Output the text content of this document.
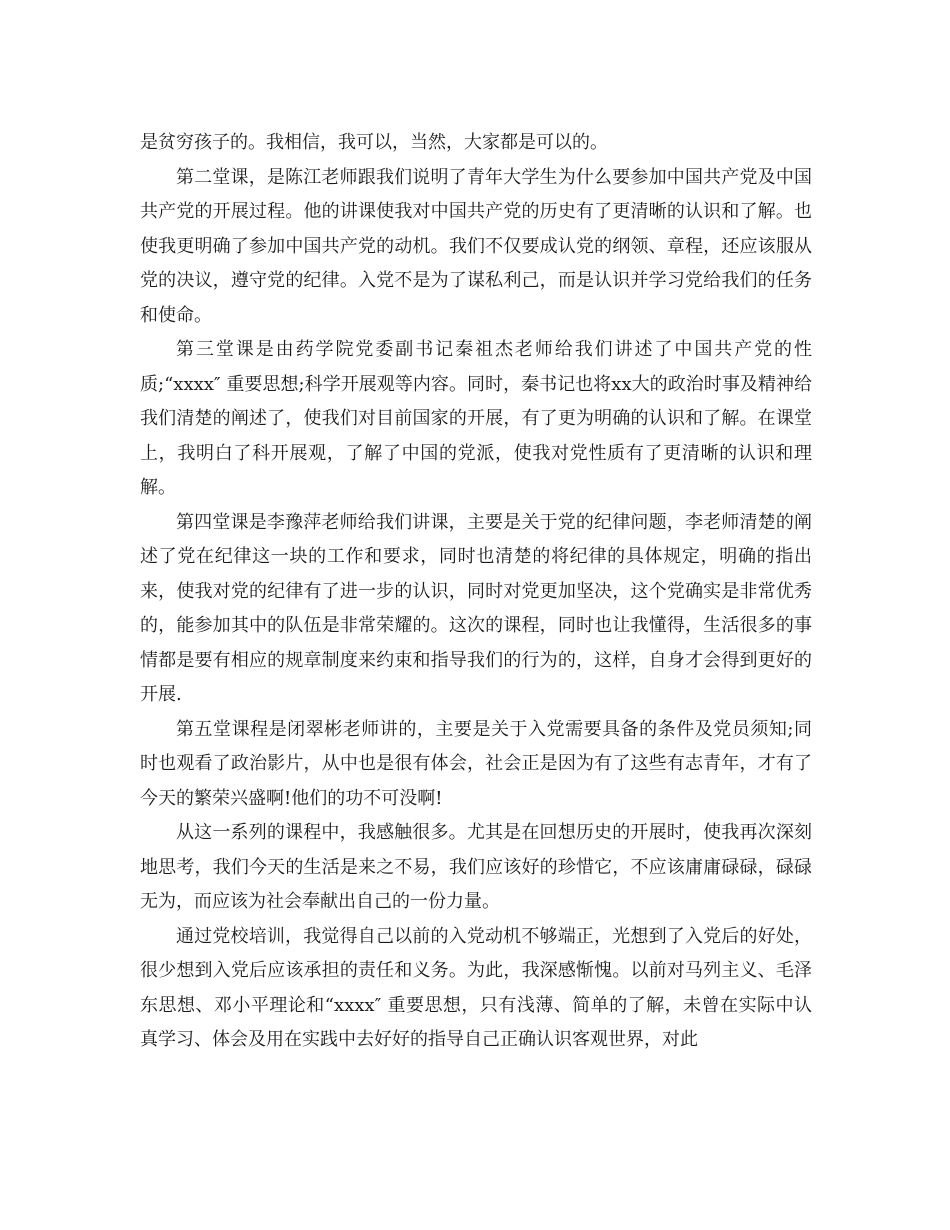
是贫穷孩子的。我相信，我可以，当然，大家都是可以的。

第二堂课，是陈江老师跟我们说明了青年大学生为什么要参加中国共产党及中国共产党的开展过程。他的讲课使我对中国共产党的历史有了更清晰的认识和了解。也使我更明确了参加中国共产党的动机。我们不仅要成认党的纲领、章程，还应该服从党的决议，遵守党的纪律。入党不是为了谋私利己，而是认识并学习党给我们的任务和使命。

第三堂课是由药学院党委副书记秦祖杰老师给我们讲述了中国共产党的性质;“xxxx″ 重要思想;科学开展观等内容。同时，秦书记也将xx大的政治时事及精神给我们清楚的阐述了，使我们对目前国家的开展，有了更为明确的认识和了解。在课堂上，我明白了科开展观，了解了中国的党派，使我对党性质有了更清晰的认识和理解。

第四堂课是李豫萍老师给我们讲课，主要是关于党的纪律问题，李老师清楚的阐述了党在纪律这一块的工作和要求，同时也清楚的将纪律的具体规定，明确的指出来，使我对党的纪律有了进一步的认识，同时对党更加坚决，这个党确实是非常优秀的，能参加其中的队伍是非常荣耀的。这次的课程，同时也让我懂得，生活很多的事情都是要有相应的规章制度来约束和指导我们的行为的，这样，自身才会得到更好的开展.

第五堂课程是闭翠彬老师讲的，主要是关于入党需要具备的条件及党员须知;同时也观看了政治影片，从中也是很有体会，社会正是因为有了这些有志青年，才有了今天的繁荣兴盛啊!他们的功不可没啊!

从这一系列的课程中，我感触很多。尤其是在回想历史的开展时，使我再次深刻地思考，我们今天的生活是来之不易，我们应该好的珍惜它，不应该庸庸碌碌，碌碌无为，而应该为社会奉献出自己的一份力量。

通过党校培训，我觉得自己以前的入党动机不够端正，光想到了入党后的好处，很少想到入党后应该承担的责任和义务。为此，我深感惭愧。以前对马列主义、毛泽东思想、邓小平理论和“xxxx″ 重要思想，只有浅薄、简单的了解，未曾在实际中认真学习、体会及用在实践中去好好的指导自己正确认识客观世界，对此
